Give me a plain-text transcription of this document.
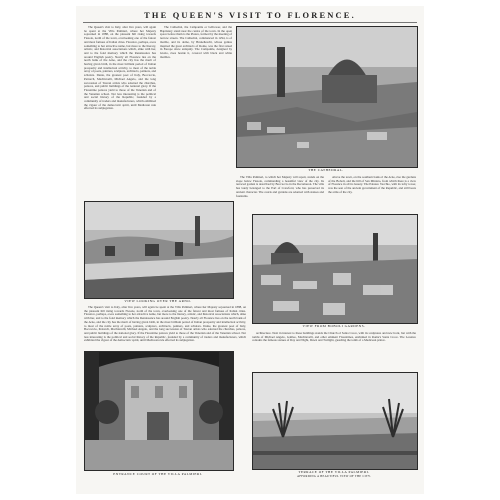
THE QUEEN'S VISIT TO FLORENCE.

The Queen's visit to Italy, after five years, will again be spent at the Villa Palmieri, where her Majesty sojourned in 1888, on the pleasant hill rising towards Fiesole, north of the town, overlooking one of the fairest and most famous of Italian cities. Florence, perhaps, owes something to her attractive name, but more to the literary, artistic, and historical associations which, alike with her, and to the fond memory which the Renaissance has around English poetry. Nearly all Florence lies on the north bank of the Arno, and the city has the merit of having given birth, in the most brilliant period of Italian prosperity and intellectual activity, to most of the noble array of poets, painters, sculptors, architects, painters, and scholars. Dante, the greatest poet of Italy, Boccaccio, Petrarch, Machiavelli, Michael Angelo, and the long succession of Tuscan artists who adorned the churches, palaces, and public buildings of the national glory. If the Florentine palaces yield to those of the Venetian and of the Venetian school. Not less interesting is the political and social history of the Republic, founded by a community of traders and manufacturers, which exhibited the vigour of the democratic spirit, until Medicean rule effected its subjugation.

The Cathedral, the Campanile or belltower, and the Baptistery stand near the centre of the town. In the open space before them is the Piazza, formed by the meeting of narrow streets. The Cathedral, commenced in 1294, is of marble, and its dome, by Brunelleschi, whose genius inspired the great architects of Rome, was the first raised in Europe since antiquity. The Campanile, designed by Giotto, rises beside it, covered with black and white marbles.

THE CATHEDRAL.

The Villa Palmieri, to which her Majesty will repair, stands on the slope below Fiesole, commanding a beautiful view of the city. Its terraced garden is described by Boccaccio in the Decameron. The villa has lately belonged to the Earl of Crawford, who has preserved its ancient character. The courts and gardens are adorned with statues and fountains.

Above the town, on the southern bank of the Arno, rise the gardens of the Boboli, and the hill of San Miniato, from which there is a view of Florence in all its beauty. The Palazzo Vecchio, with its lofty tower, was the seat of the ancient government of the Republic, and still bears the arms of the city.

VIEW LOOKING OVER THE ARNO.
VIEW FROM BOBOLI GARDENS.

The Queen's visit to Italy, after five years, will again be spent at the Villa Palmieri, where her Majesty sojourned in 1888, on the pleasant hill rising towards Fiesole, north of the town, overlooking one of the fairest and most famous of Italian cities. Florence, perhaps, owes something to her attractive name, but more to the literary, artistic, and historical associations which, alike with her, and to the fond memory which the Renaissance has around English poetry. Nearly all Florence lies on the north bank of the Arno, and the city has the merit of having given birth, in the most brilliant period of Italian prosperity and intellectual activity, to most of the noble array of poets, painters, sculptors, architects, painters, and scholars. Dante, the greatest poet of Italy, Boccaccio, Petrarch, Machiavelli, Michael Angelo, and the long succession of Tuscan artists who adorned the churches, palaces, and public buildings of the national glory. If the Florentine palaces yield to those of the Venetian and of the Venetian school. Not less interesting is the political and social history of the Republic, founded by a community of traders and manufacturers, which exhibited the vigour of the democratic spirit, until Medicean rule effected its subjugation.

architecture. Next in interest to these buildings stands the Church of Santa Croce, with its sculptures and new front, but with the tombs of Michael Angelo, Galileo, Machiavelli, and other eminent Florentines, enshrined in Rome's Santa Croce. The Lorenzo contains the famous statues of Day and Night, Dawn and Twilight, guarding the tomb of a Medicean prince.

ENTRANCE COURT OF THE VILLA PALMIERI.	TERRACE OF THE VILLA PALMIERI.
AFFORDING A BEAUTIFUL VIEW OF THE CITY.
